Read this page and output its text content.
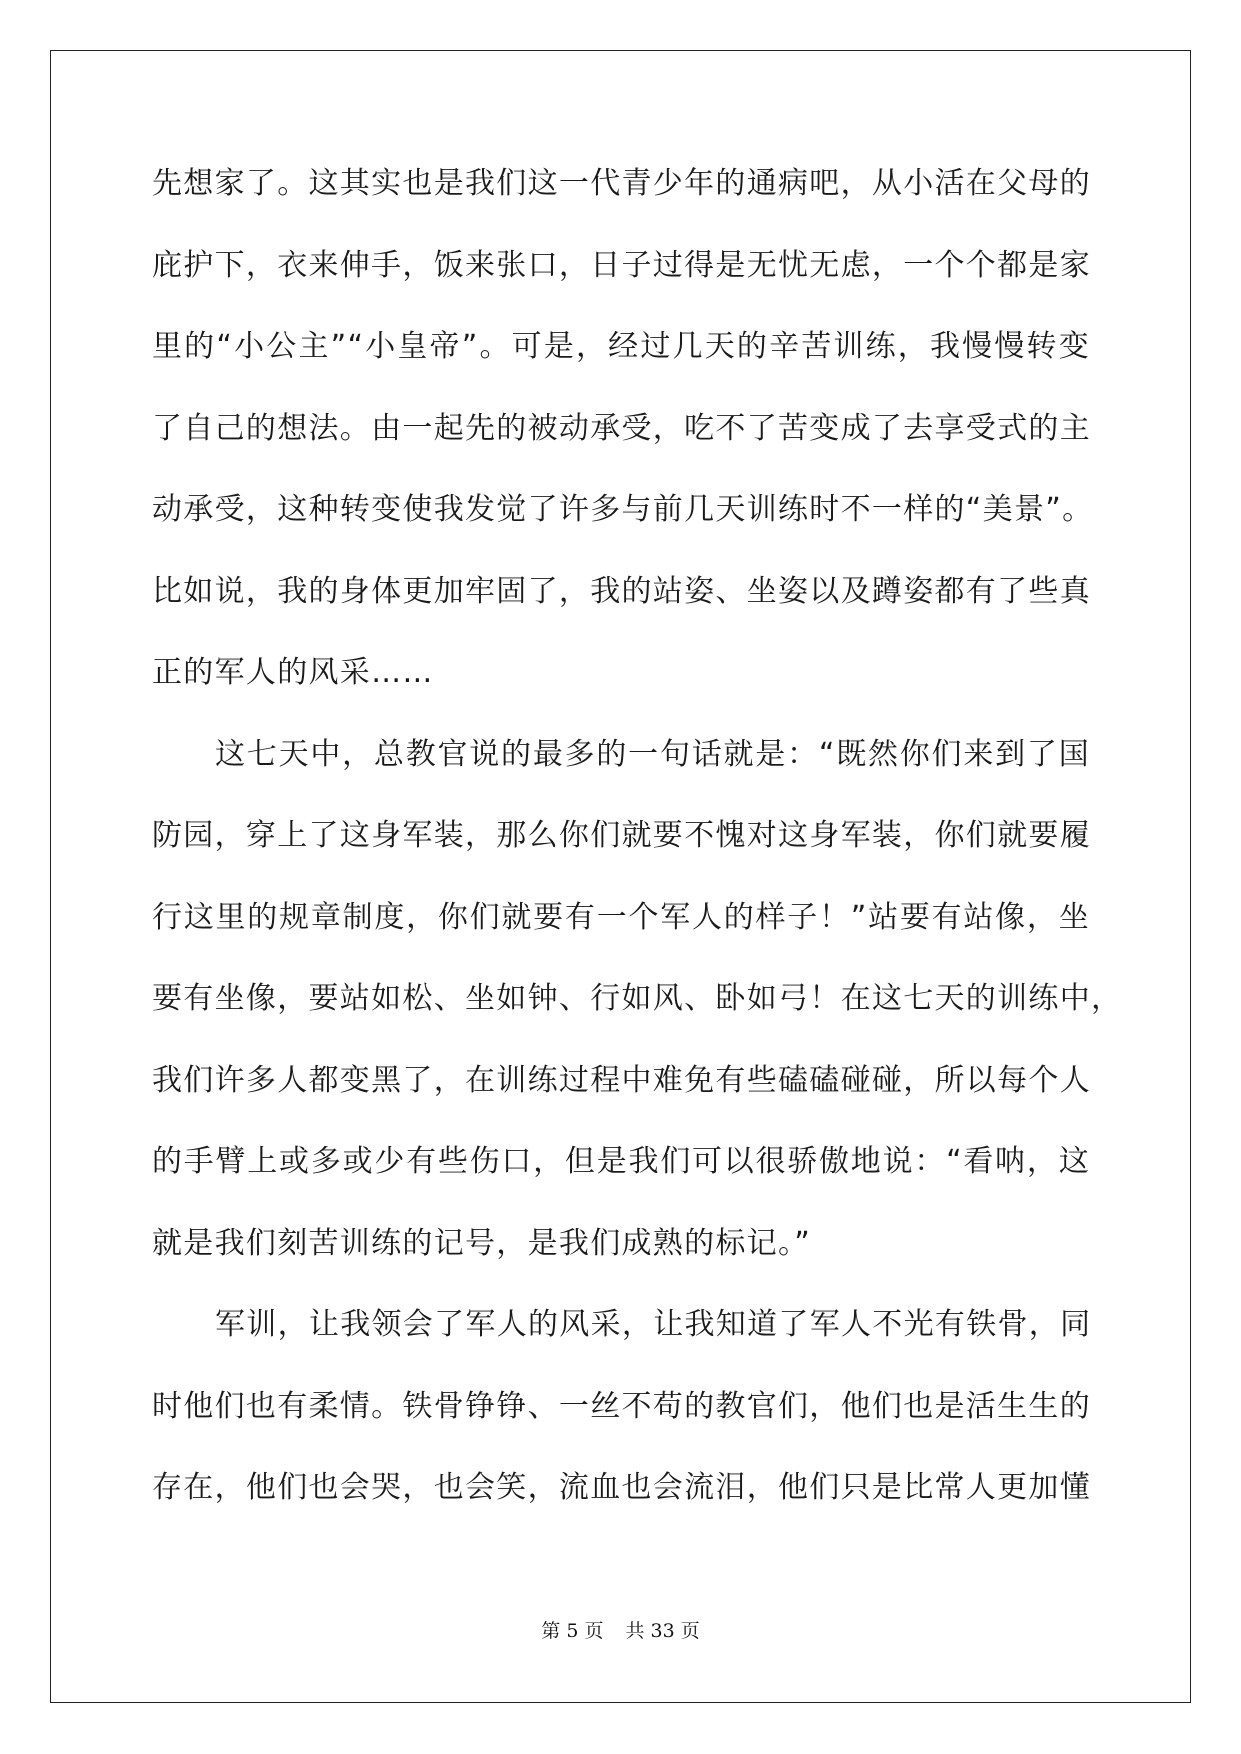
先想家了。这其实也是我们这一代青少年的通病吧，从小活在父母的
庇护下，衣来伸手，饭来张口，日子过得是无忧无虑，一个个都是家
里的“小公主”“小皇帝”。可是，经过几天的辛苦训练，我慢慢转变
了自己的想法。由一起先的被动承受，吃不了苦变成了去享受式的主
动承受，这种转变使我发觉了许多与前几天训练时不一样的“美景”。
比如说，我的身体更加牢固了，我的站姿、坐姿以及蹲姿都有了些真
正的军人的风采……
这七天中，总教官说的最多的一句话就是：“既然你们来到了国
防园，穿上了这身军装，那么你们就要不愧对这身军装，你们就要履
行这里的规章制度，你们就要有一个军人的样子！”站要有站像，坐
要有坐像，要站如松、坐如钟、行如风、卧如弓！在这七天的训练中，
我们许多人都变黑了，在训练过程中难免有些磕磕碰碰，所以每个人
的手臂上或多或少有些伤口，但是我们可以很骄傲地说：“看呐，这
就是我们刻苦训练的记号，是我们成熟的标记。”
军训，让我领会了军人的风采，让我知道了军人不光有铁骨，同
时他们也有柔情。铁骨铮铮、一丝不苟的教官们，他们也是活生生的
存在，他们也会哭，也会笑，流血也会流泪，他们只是比常人更加懂
第 5 页 共 33 页
